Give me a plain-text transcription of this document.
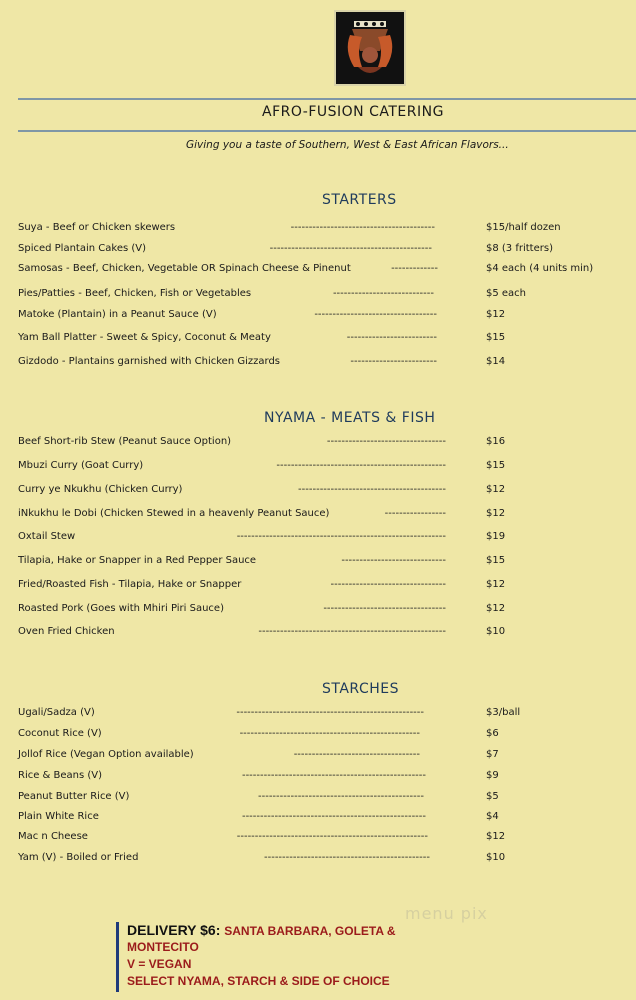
AFRO-FUSION CATERING
Giving you a taste of Southern, West & East African Flavors...
STARTERS
Suya - Beef or Chicken skewers	----------------------------------------	$15/half dozen
Spiced Plantain Cakes (V)	---------------------------------------------	$8 (3 fritters)
Samosas - Beef, Chicken, Vegetable OR Spinach Cheese & Pinenut	-------------	$4 each (4 units min)
Pies/Patties - Beef, Chicken, Fish or Vegetables	----------------------------	$5 each
Matoke (Plantain) in a Peanut Sauce (V)	----------------------------------	$12
Yam Ball Platter - Sweet & Spicy, Coconut & Meaty	-------------------------	$15
Gizdodo - Plantains garnished with Chicken Gizzards	------------------------	$14
NYAMA - MEATS & FISH
Beef Short-rib Stew (Peanut Sauce Option)	---------------------------------	$16
Mbuzi Curry (Goat Curry)	-----------------------------------------------	$15
Curry ye Nkukhu (Chicken Curry)	-----------------------------------------	$12
iNkukhu le Dobi (Chicken Stewed in a heavenly Peanut Sauce)	-----------------	$12
Oxtail Stew	----------------------------------------------------------	$19
Tilapia, Hake or Snapper in a Red Pepper Sauce	-----------------------------	$15
Fried/Roasted Fish - Tilapia, Hake or Snapper	--------------------------------	$12
Roasted Pork (Goes with Mhiri Piri Sauce)	----------------------------------	$12
Oven Fried Chicken	----------------------------------------------------	$10
STARCHES
Ugali/Sadza (V)	----------------------------------------------------	$3/ball
Coconut Rice (V)	--------------------------------------------------	$6
Jollof Rice (Vegan Option available)	-----------------------------------	$7
Rice & Beans (V)	---------------------------------------------------	$9
Peanut Butter Rice (V)	----------------------------------------------	$5
Plain White Rice	---------------------------------------------------	$4
Mac n Cheese	-----------------------------------------------------	$12
Yam (V) - Boiled or Fried	----------------------------------------------	$10
menu pix
DELIVERY $6: SANTA BARBARA, GOLETA & MONTECITO
V = VEGAN
SELECT NYAMA, STARCH & SIDE OF CHOICE
